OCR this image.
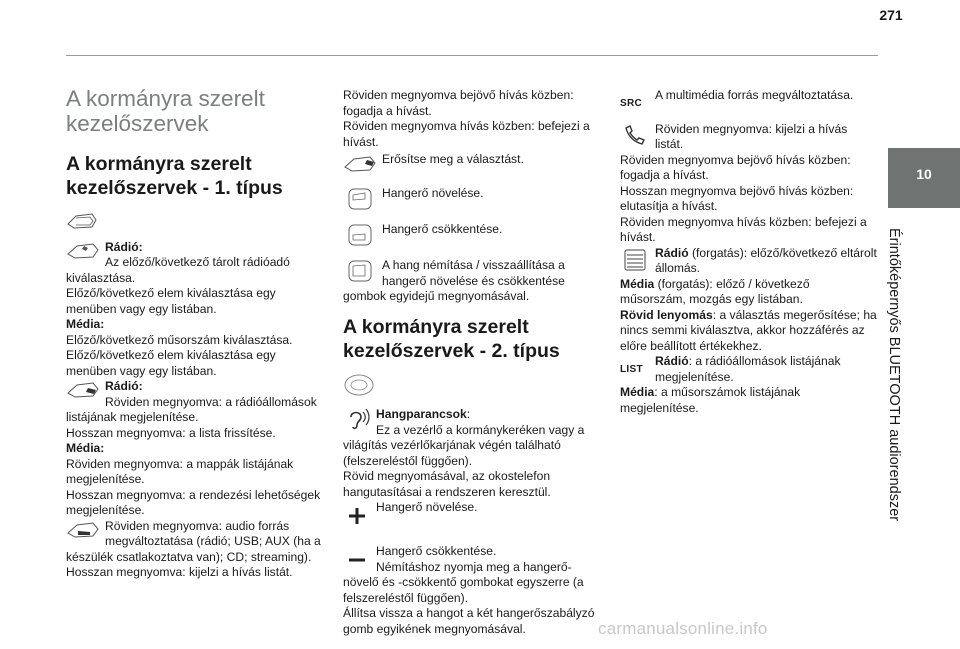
271
10
Érintőképernyős BLUETOOTH audiorendszer
A kormányra szerelt kezelőszervek
A kormányra szerelt kezelőszervek - 1. típus

Rádió:

Az előző/következő tárolt rádióadó kiválasztása.

Előző/következő elem kiválasztása egy menüben vagy egy listában.

Média:

Előző/következő műsorszám kiválasztása.

Előző/következő elem kiválasztása egy menüben vagy egy listában.

Rádió:

Röviden megnyomva: a rádióállomások listájának megjelenítése.

Hosszan megnyomva: a lista frissítése.

Média:

Röviden megnyomva: a mappák listájának megjelenítése.

Hosszan megnyomva: a rendezési lehetőségek megjelenítése.

Röviden megnyomva: audio forrás megváltoztatása (rádió; USB; AUX (ha a készülék csatlakoztatva van); CD; streaming).

Hosszan megnyomva: kijelzi a hívás listát.

Röviden megnyomva bejövő hívás közben: fogadja a hívást.

Röviden megnyomva hívás közben: befejezi a hívást.

Erősítse meg a választást.

Hangerő növelése.

Hangerő csökkentése.

A hang némítása / visszaállítása a hangerő növelése és csökkentése gombok egyidejű megnyomásával.

A kormányra szerelt kezelőszervek - 2. típus

Hangparancsok:

Ez a vezérlő a kormánykeréken vagy a világítás vezérlőkarjának végén található (felszereléstől függően).

Rövid megnyomásával, az okostelefon hangutasításai a rendszeren keresztül.

Hangerő növelése.

Hangerő csökkentése.

Némításhoz nyomja meg a hangerő-növelő és -csökkentő gombokat egyszerre (a felszereléstől függően).

Állítsa vissza a hangot a két hangerőszabályzó gomb egyikének megnyomásával.

SRC

A multimédia forrás megváltoztatása.

Röviden megnyomva: kijelzi a hívás listát.

Röviden megnyomva bejövő hívás közben: fogadja a hívást.

Hosszan megnyomva bejövő hívás közben: elutasítja a hívást.

Röviden megnyomva hívás közben: befejezi a hívást.

Rádió (forgatás): előző/következő eltárolt állomás.

Média (forgatás): előző / következő műsorszám, mozgás egy listában.

Rövid lenyomás: a választás megerősítése; ha nincs semmi kiválasztva, akkor hozzáférés az előre beállított értékekhez.

LIST

Rádió: a rádióállomások listájának megjelenítése.

Média: a műsorszámok listájának megjelenítése.

carmanualsonline.info
